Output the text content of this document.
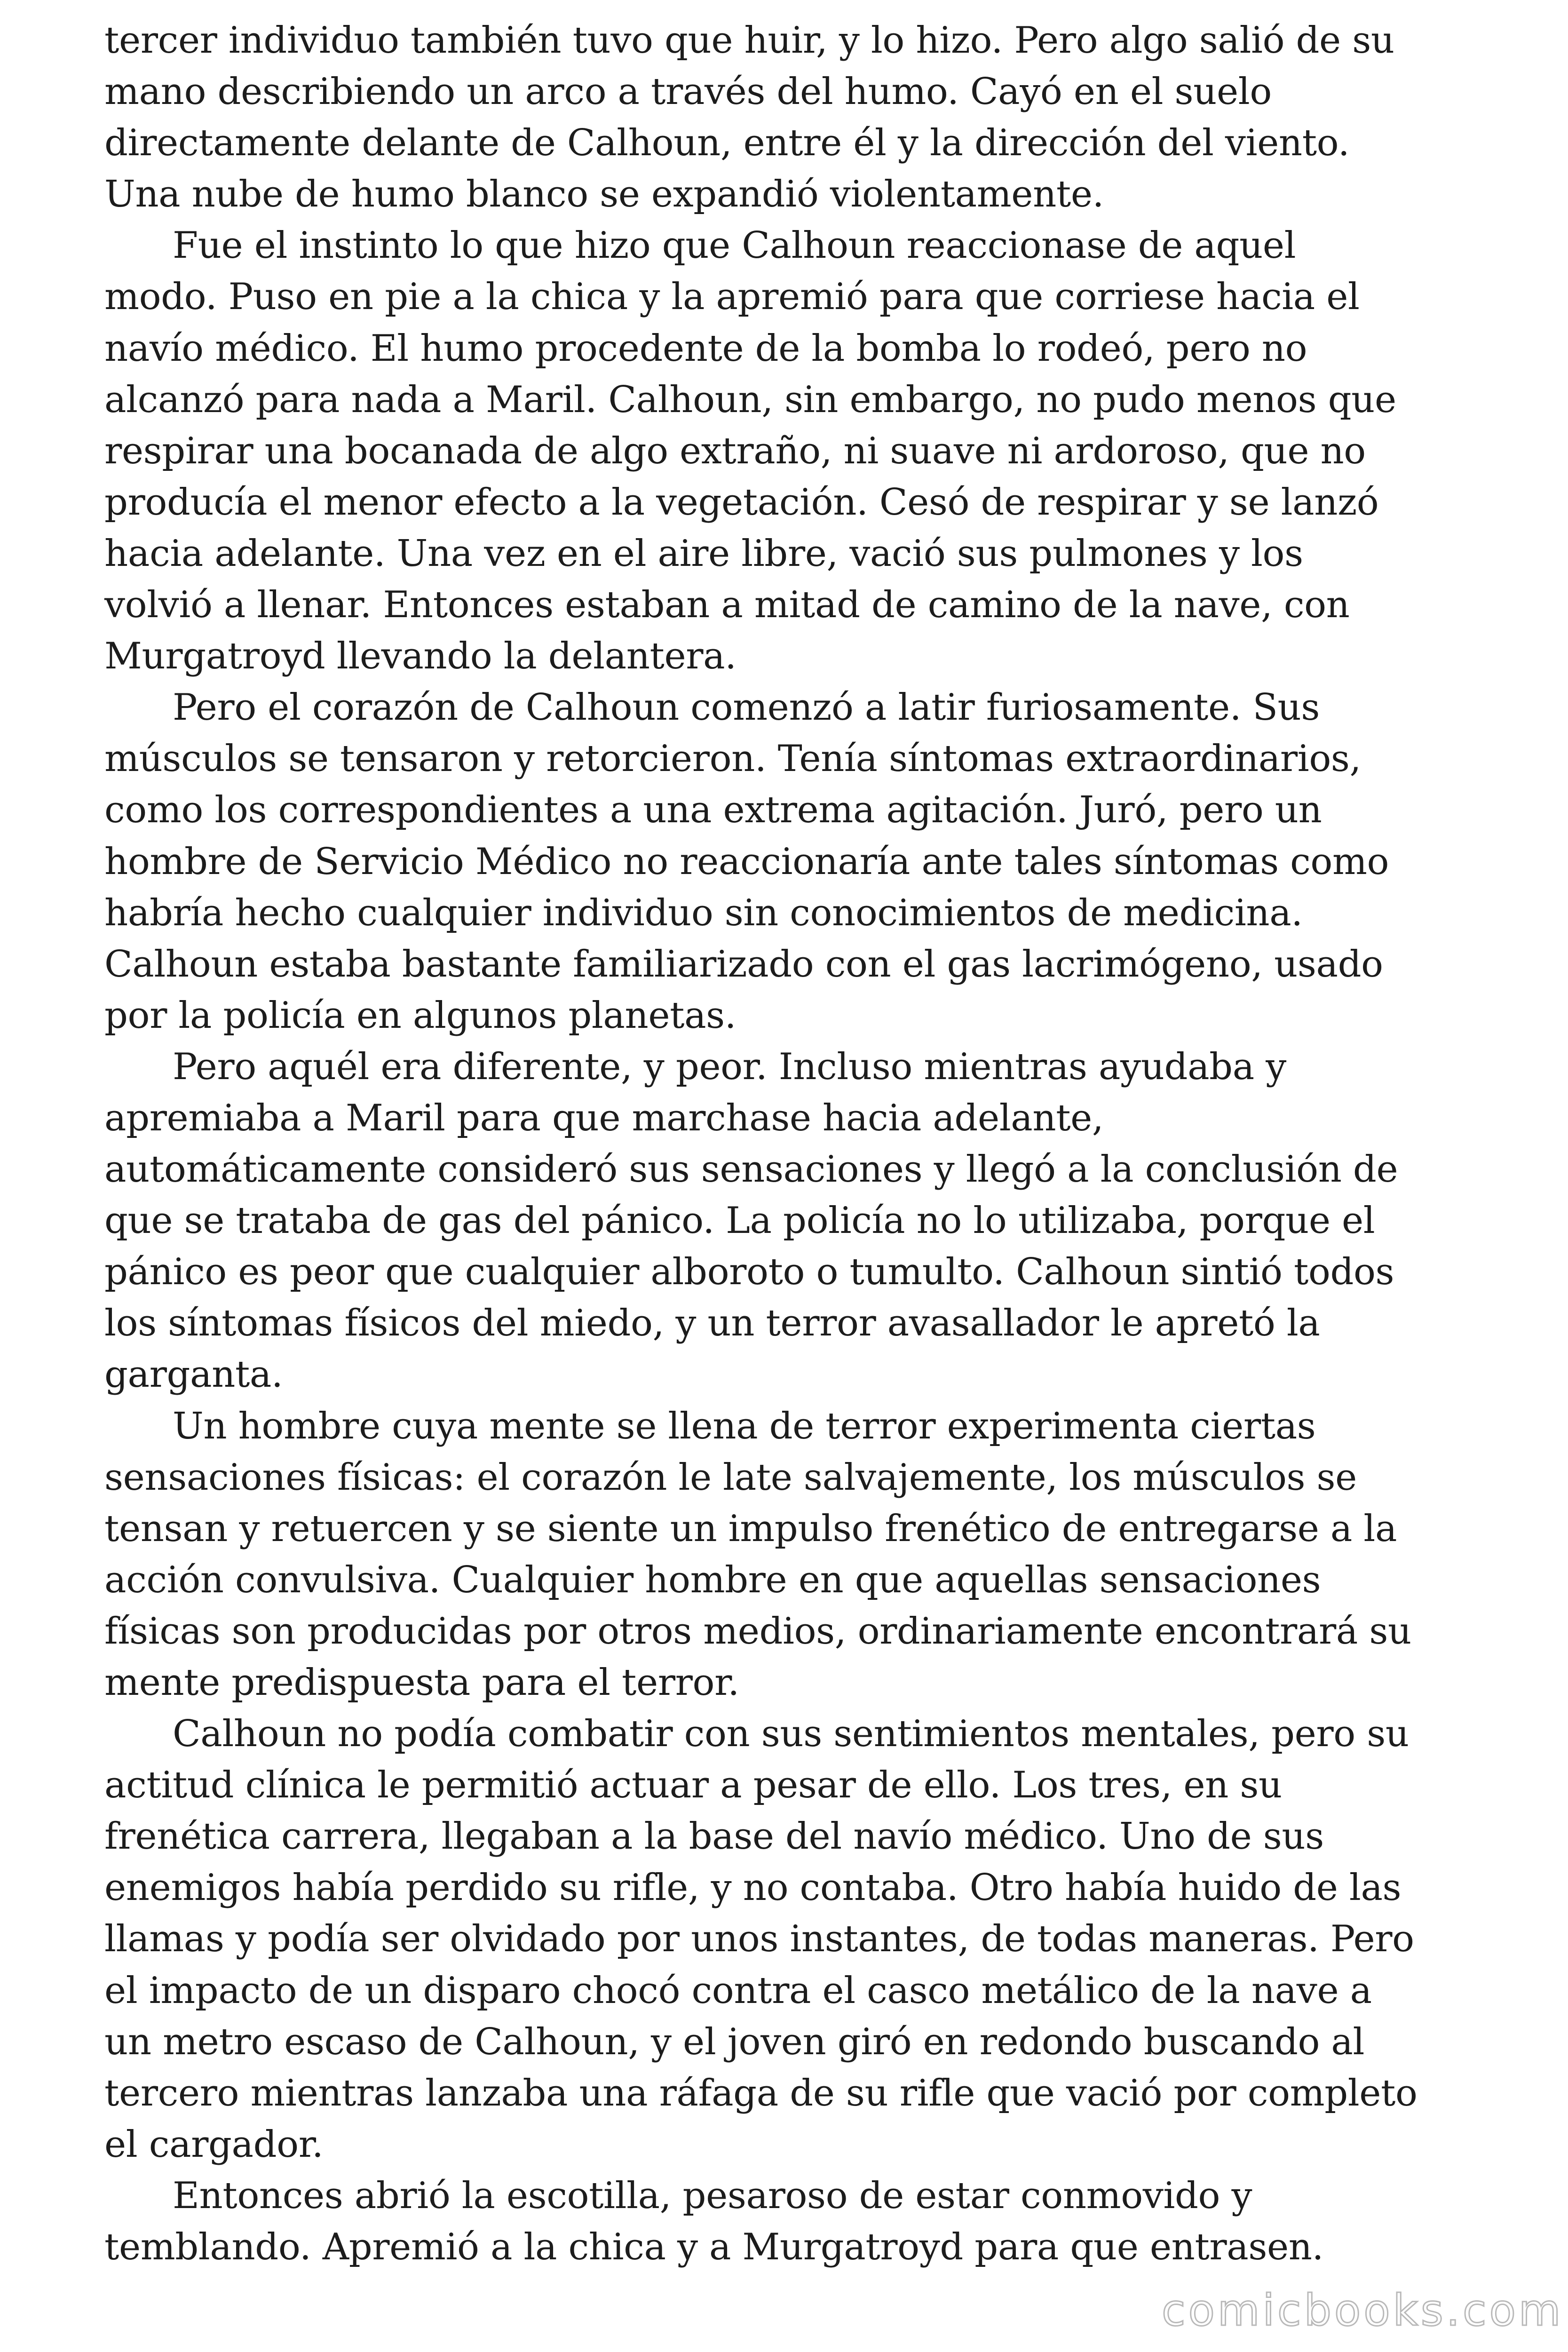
tercer individuo también tuvo que huir, y lo hizo. Pero algo salió de su
mano describiendo un arco a través del humo. Cayó en el suelo
directamente delante de Calhoun, entre él y la dirección del viento.
Una nube de humo blanco se expandió violentamente.
Fue el instinto lo que hizo que Calhoun reaccionase de aquel
modo. Puso en pie a la chica y la apremió para que corriese hacia el
navío médico. El humo procedente de la bomba lo rodeó, pero no
alcanzó para nada a Maril. Calhoun, sin embargo, no pudo menos que
respirar una bocanada de algo extraño, ni suave ni ardoroso, que no
producía el menor efecto a la vegetación. Cesó de respirar y se lanzó
hacia adelante. Una vez en el aire libre, vació sus pulmones y los
volvió a llenar. Entonces estaban a mitad de camino de la nave, con
Murgatroyd llevando la delantera.
Pero el corazón de Calhoun comenzó a latir furiosamente. Sus
músculos se tensaron y retorcieron. Tenía síntomas extraordinarios,
como los correspondientes a una extrema agitación. Juró, pero un
hombre de Servicio Médico no reaccionaría ante tales síntomas como
habría hecho cualquier individuo sin conocimientos de medicina.
Calhoun estaba bastante familiarizado con el gas lacrimógeno, usado
por la policía en algunos planetas.
Pero aquél era diferente, y peor. Incluso mientras ayudaba y
apremiaba a Maril para que marchase hacia adelante,
automáticamente consideró sus sensaciones y llegó a la conclusión de
que se trataba de gas del pánico. La policía no lo utilizaba, porque el
pánico es peor que cualquier alboroto o tumulto. Calhoun sintió todos
los síntomas físicos del miedo, y un terror avasallador le apretó la
garganta.
Un hombre cuya mente se llena de terror experimenta ciertas
sensaciones físicas: el corazón le late salvajemente, los músculos se
tensan y retuercen y se siente un impulso frenético de entregarse a la
acción convulsiva. Cualquier hombre en que aquellas sensaciones
físicas son producidas por otros medios, ordinariamente encontrará su
mente predispuesta para el terror.
Calhoun no podía combatir con sus sentimientos mentales, pero su
actitud clínica le permitió actuar a pesar de ello. Los tres, en su
frenética carrera, llegaban a la base del navío médico. Uno de sus
enemigos había perdido su rifle, y no contaba. Otro había huido de las
llamas y podía ser olvidado por unos instantes, de todas maneras. Pero
el impacto de un disparo chocó contra el casco metálico de la nave a
un metro escaso de Calhoun, y el joven giró en redondo buscando al
tercero mientras lanzaba una ráfaga de su rifle que vació por completo
el cargador.
Entonces abrió la escotilla, pesaroso de estar conmovido y
temblando. Apremió a la chica y a Murgatroyd para que entrasen.
comicbooks.com
